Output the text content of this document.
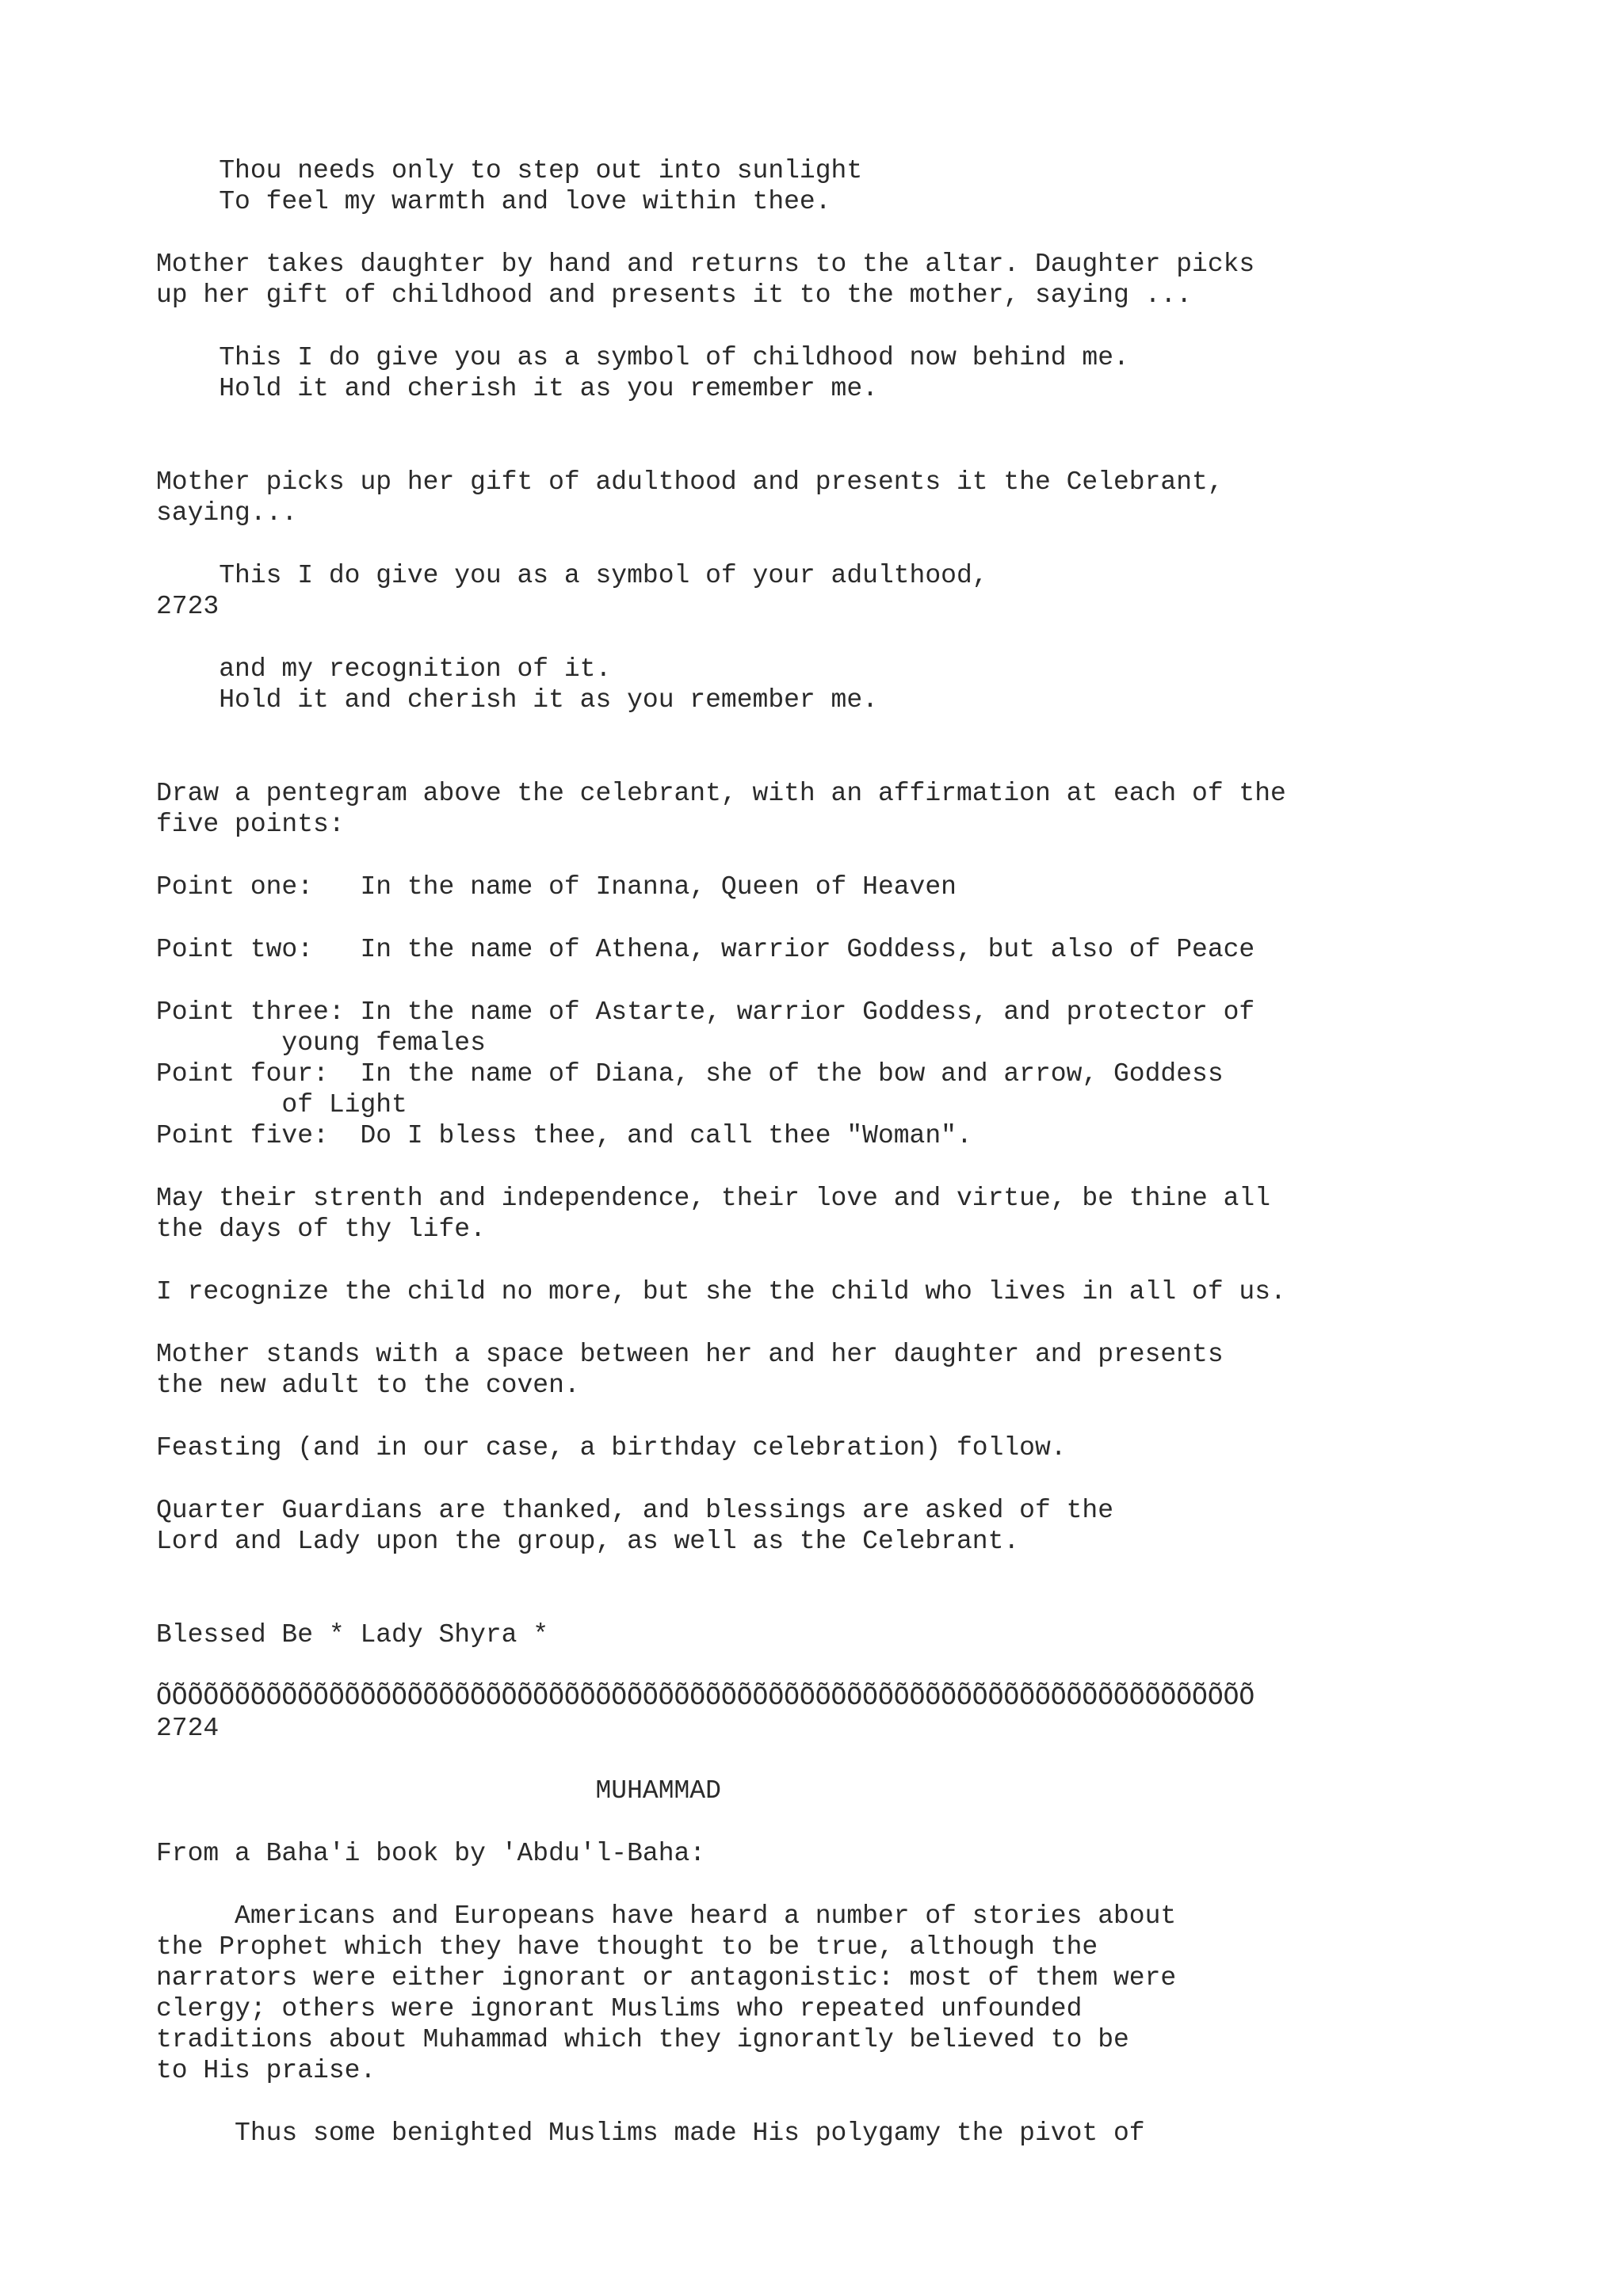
Thou needs only to step out into sunlight

To feel my warmth and love within thee.

Mother takes daughter by hand and returns to the altar. Daughter picks

up her gift of childhood and presents it to the mother, saying ...

This I do give you as a symbol of childhood now behind me.

Hold it and cherish it as you remember me.

Mother picks up her gift of adulthood and presents it the Celebrant,

saying...

This I do give you as a symbol of your adulthood,

2723

and my recognition of it.

Hold it and cherish it as you remember me.

Draw a pentegram above the celebrant, with an affirmation at each of the

five points:

Point one:   In the name of Inanna, Queen of Heaven

Point two:   In the name of Athena, warrior Goddess, but also of Peace

Point three: In the name of Astarte, warrior Goddess, and protector of

young females

Point four:  In the name of Diana, she of the bow and arrow, Goddess

of Light

Point five:  Do I bless thee, and call thee "Woman".

May their strenth and independence, their love and virtue, be thine all

the days of thy life.

I recognize the child no more, but she the child who lives in all of us.

Mother stands with a space between her and her daughter and presents

the new adult to the coven.

Feasting (and in our case, a birthday celebration) follow.

Quarter Guardians are thanked, and blessings are asked of the

Lord and Lady upon the group, as well as the Celebrant.

Blessed Be * Lady Shyra *

ÕÕÕÕÕÕÕÕÕÕÕÕÕÕÕÕÕÕÕÕÕÕÕÕÕÕÕÕÕÕÕÕÕÕÕÕÕÕÕÕÕÕÕÕÕÕÕÕÕÕÕÕÕÕÕÕÕÕÕÕÕÕÕÕÕÕÕÕÕÕ

2724

MUHAMMAD

From a Baha'i book by 'Abdu'l-Baha:

Americans and Europeans have heard a number of stories about

the Prophet which they have thought to be true, although the

narrators were either ignorant or antagonistic: most of them were

clergy; others were ignorant Muslims who repeated unfounded

traditions about Muhammad which they ignorantly believed to be

to His praise.

Thus some benighted Muslims made His polygamy the pivot of
